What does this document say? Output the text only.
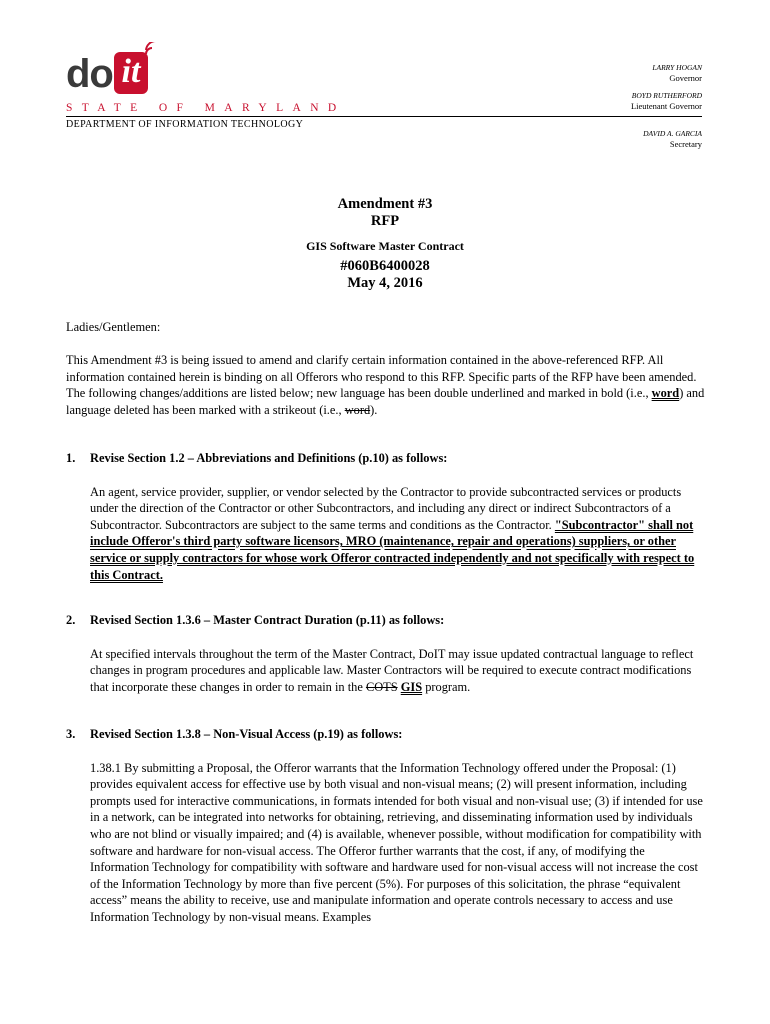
do it
STATE OF MARYLAND
DEPARTMENT OF INFORMATION TECHNOLOGY
LARRY HOGAN
Governor
BOYD RUTHERFORD
Lieutenant Governor
DAVID A. GARCIA
Secretary
Amendment #3
RFP
GIS Software Master Contract
#060B6400028
May 4, 2016
Ladies/Gentlemen:
This Amendment #3 is being issued to amend and clarify certain information contained in the above-referenced RFP. All information contained herein is binding on all Offerors who respond to this RFP. Specific parts of the RFP have been amended. The following changes/additions are listed below; new language has been double underlined and marked in bold (i.e., word) and language deleted has been marked with a strikeout (i.e., word).
1. Revise Section 1.2 – Abbreviations and Definitions (p.10) as follows:
An agent, service provider, supplier, or vendor selected by the Contractor to provide subcontracted services or products under the direction of the Contractor or other Subcontractors, and including any direct or indirect Subcontractors of a Subcontractor. Subcontractors are subject to the same terms and conditions as the Contractor. "Subcontractor" shall not include Offeror's third party software licensors, MRO (maintenance, repair and operations) suppliers, or other service or supply contractors for whose work Offeror contracted independently and not specifically with respect to this Contract.
2. Revised Section 1.3.6 – Master Contract Duration (p.11) as follows:
At specified intervals throughout the term of the Master Contract, DoIT may issue updated contractual language to reflect changes in program procedures and applicable law. Master Contractors will be required to execute contract modifications that incorporate these changes in order to remain in the COTS GIS program.
3. Revised Section 1.3.8 – Non-Visual Access (p.19) as follows:
1.38.1 By submitting a Proposal, the Offeror warrants that the Information Technology offered under the Proposal: (1) provides equivalent access for effective use by both visual and non-visual means; (2) will present information, including prompts used for interactive communications, in formats intended for both visual and non-visual use; (3) if intended for use in a network, can be integrated into networks for obtaining, retrieving, and disseminating information used by individuals who are not blind or visually impaired; and (4) is available, whenever possible, without modification for compatibility with software and hardware for non-visual access. The Offeror further warrants that the cost, if any, of modifying the Information Technology for compatibility with software and hardware used for non-visual access will not increase the cost of the Information Technology by more than five percent (5%). For purposes of this solicitation, the phrase “equivalent access” means the ability to receive, use and manipulate information and operate controls necessary to access and use Information Technology by non-visual means. Examples
